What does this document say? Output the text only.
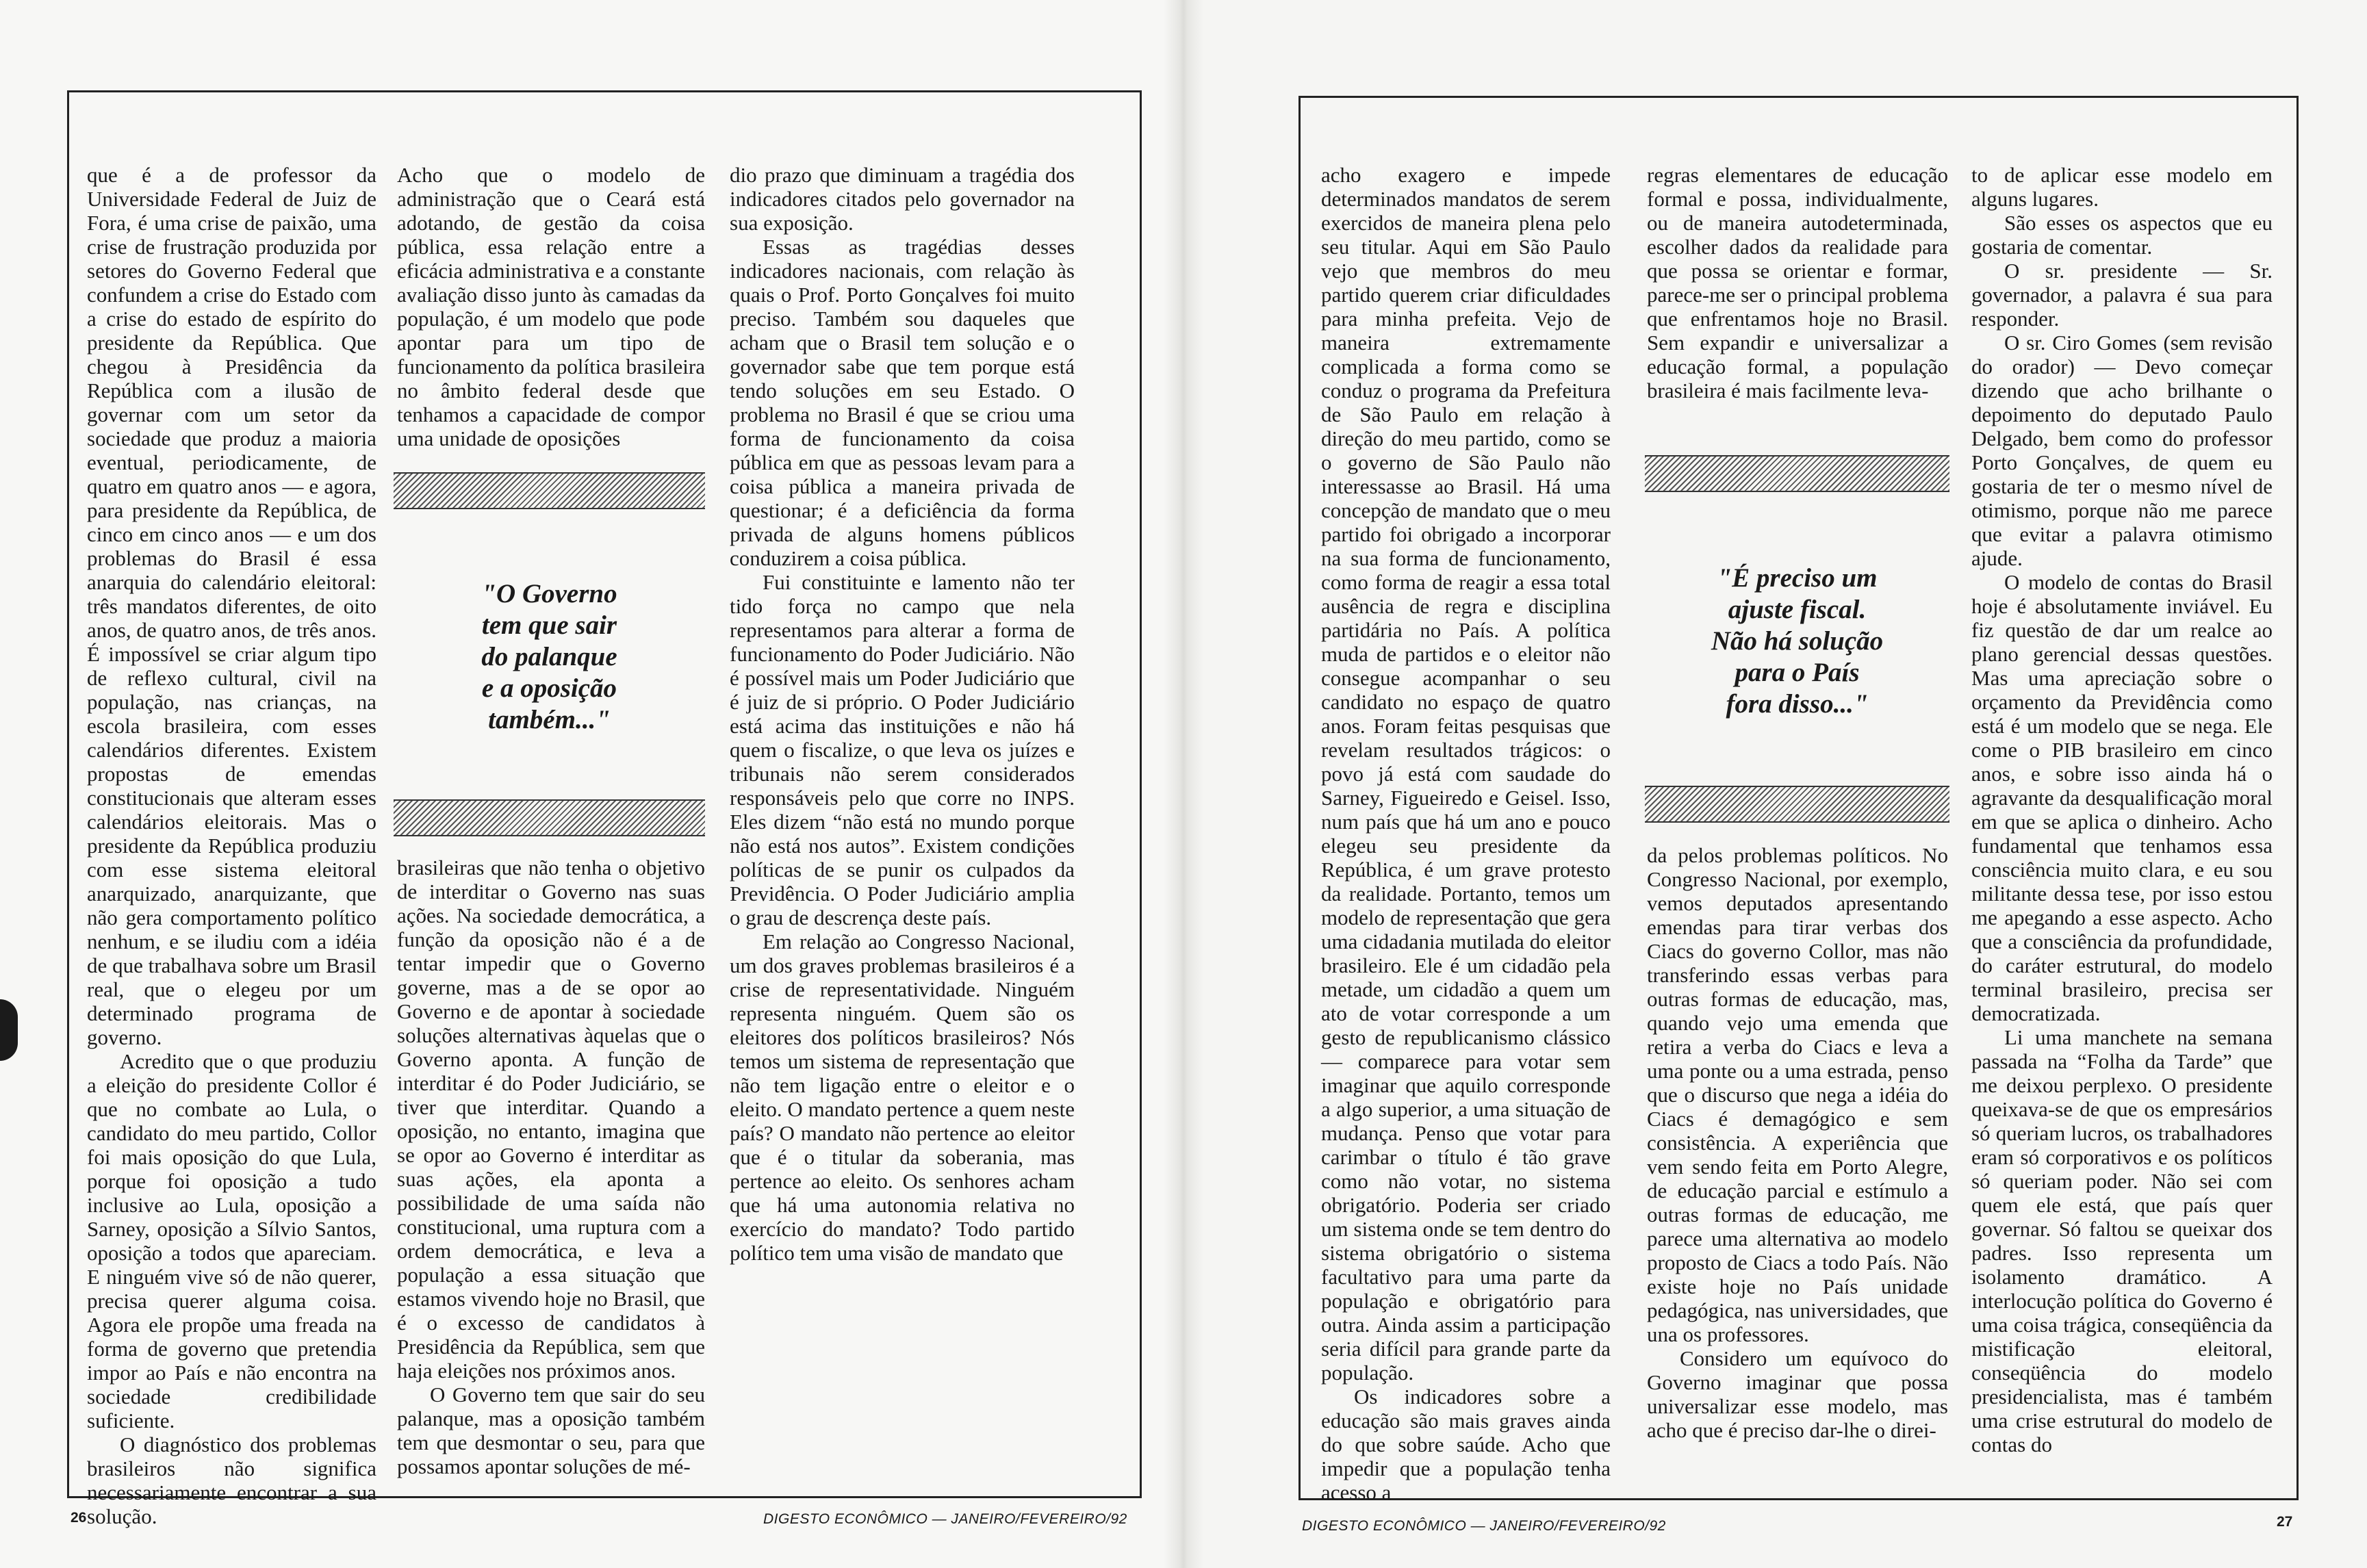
que é a de professor da Universidade Federal de Juiz de Fora, é uma crise de paixão, uma crise de frustração produzida por setores do Governo Federal que confundem a crise do Estado com a crise do estado de espírito do presidente da República. Que chegou à Presidência da República com a ilusão de governar com um setor da sociedade que produz a maioria eventual, periodicamente, de quatro em quatro anos — e agora, para presidente da República, de cinco em cinco anos — e um dos problemas do Brasil é essa anarquia do calendário eleitoral: três mandatos diferentes, de oito anos, de quatro anos, de três anos. É impossível se criar algum tipo de reflexo cultural, civil na população, nas crianças, na escola brasileira, com esses calendários diferentes. Existem propostas de emendas constitucionais que alteram esses calendários eleitorais. Mas o presidente da República produziu com esse sistema eleitoral anarquizado, anarquizante, que não gera comportamento político nenhum, e se iludiu com a idéia de que trabalhava sobre um Brasil real, que o elegeu por um determinado programa de governo.

Acredito que o que produziu a eleição do presidente Collor é que no combate ao Lula, o candidato do meu partido, Collor foi mais oposição do que Lula, porque foi oposição a tudo inclusive ao Lula, oposição a Sarney, oposição a Sílvio Santos, oposição a todos que apareciam. E ninguém vive só de não querer, precisa querer alguma coisa. Agora ele propõe uma freada na forma de governo que pretendia impor ao País e não encontra na sociedade credibilidade suficiente.

O diagnóstico dos problemas brasileiros não significa necessariamente encontrar a sua solução.

Acho que o modelo de administração que o Ceará está adotando, de gestão da coisa pública, essa relação entre a eficácia administrativa e a constante avaliação disso junto às camadas da população, é um modelo que pode apontar para um tipo de funcionamento da política brasileira no âmbito federal desde que tenhamos a capacidade de compor uma unidade de oposições

"O Governo
tem que sair
do palanque
e a oposição
também..."

brasileiras que não tenha o objetivo de interditar o Governo nas suas ações. Na sociedade democrática, a função da oposição não é a de tentar impedir que o Governo governe, mas a de se opor ao Governo e de apontar à sociedade soluções alternativas àquelas que o Governo aponta. A função de interditar é do Poder Judiciário, se tiver que interditar. Quando a oposição, no entanto, imagina que se opor ao Governo é interditar as suas ações, ela aponta a possibilidade de uma saída não constitucional, uma ruptura com a ordem democrática, e leva a população a essa situação que estamos vivendo hoje no Brasil, que é o excesso de candidatos à Presidência da República, sem que haja eleições nos próximos anos.

O Governo tem que sair do seu palanque, mas a oposição também tem que desmontar o seu, para que possamos apontar soluções de mé-

dio prazo que diminuam a tragédia dos indicadores citados pelo governador na sua exposição.

Essas as tragédias desses indicadores nacionais, com relação às quais o Prof. Porto Gonçalves foi muito preciso. Também sou daqueles que acham que o Brasil tem solução e o governador sabe que tem porque está tendo soluções em seu Estado. O problema no Brasil é que se criou uma forma de funcionamento da coisa pública em que as pessoas levam para a coisa pública a maneira privada de questionar; é a deficiência da forma privada de alguns homens públicos conduzirem a coisa pública.

Fui constituinte e lamento não ter tido força no campo que nela representamos para alterar a forma de funcionamento do Poder Judiciário. Não é possível mais um Poder Judiciário que é juiz de si próprio. O Poder Judiciário está acima das instituições e não há quem o fiscalize, o que leva os juízes e tribunais não serem considerados responsáveis pelo que corre no INPS. Eles dizem “não está no mundo porque não está nos autos”. Existem condições políticas de se punir os culpados da Previdência. O Poder Judiciário amplia o grau de descrença deste país.

Em relação ao Congresso Nacional, um dos graves problemas brasileiros é a crise de representatividade. Ninguém representa ninguém. Quem são os eleitores dos políticos brasileiros? Nós temos um sistema de representação que não tem ligação entre o eleitor e o eleito. O mandato pertence a quem neste país? O mandato não pertence ao eleitor que é o titular da soberania, mas pertence ao eleito. Os senhores acham que há uma autonomia relativa no exercício do mandato? Todo partido político tem uma visão de mandato que

26	DIGESTO ECONÔMICO — JANEIRO/FEVEREIRO/92

acho exagero e impede determinados mandatos de serem exercidos de maneira plena pelo seu titular. Aqui em São Paulo vejo que membros do meu partido querem criar dificuldades para minha prefeita. Vejo de maneira extremamente complicada a forma como se conduz o programa da Prefeitura de São Paulo em relação à direção do meu partido, como se o governo de São Paulo não interessasse ao Brasil. Há uma concepção de mandato que o meu partido foi obrigado a incorporar na sua forma de funcionamento, como forma de reagir a essa total ausência de regra e disciplina partidária no País. A política muda de partidos e o eleitor não consegue acompanhar o seu candidato no espaço de quatro anos. Foram feitas pesquisas que revelam resultados trágicos: o povo já está com saudade do Sarney, Figueiredo e Geisel. Isso, num país que há um ano e pouco elegeu seu presidente da República, é um grave protesto da realidade. Portanto, temos um modelo de representação que gera uma cidadania mutilada do eleitor brasileiro. Ele é um cidadão pela metade, um cidadão a quem um ato de votar corresponde a um gesto de republicanismo clássico — comparece para votar sem imaginar que aquilo corresponde a algo superior, a uma situação de mudança. Penso que votar para carimbar o título é tão grave como não votar, no sistema obrigatório. Poderia ser criado um sistema onde se tem dentro do sistema obrigatório o sistema facultativo para uma parte da população e obrigatório para outra. Ainda assim a participação seria difícil para grande parte da população.

Os indicadores sobre a educação são mais graves ainda do que sobre saúde. Acho que impedir que a população tenha acesso a

regras elementares de educação formal e possa, individualmente, ou de maneira autodeterminada, escolher dados da realidade para que possa se orientar e formar, parece-me ser o principal problema que enfrentamos hoje no Brasil. Sem expandir e universalizar a educação formal, a população brasileira é mais facilmente leva-

"É preciso um
ajuste fiscal.
Não há solução
para o País
fora disso..."

da pelos problemas políticos. No Congresso Nacional, por exemplo, vemos deputados apresentando emendas para tirar verbas dos Ciacs do governo Collor, mas não transferindo essas verbas para outras formas de educação, mas, quando vejo uma emenda que retira a verba do Ciacs e leva a uma ponte ou a uma estrada, penso que o discurso que nega a idéia do Ciacs é demagógico e sem consistência. A experiência que vem sendo feita em Porto Alegre, de educação parcial e estímulo a outras formas de educação, me parece uma alternativa ao modelo proposto de Ciacs a todo País. Não existe hoje no País unidade pedagógica, nas universidades, que una os professores.

Considero um equívoco do Governo imaginar que possa universalizar esse modelo, mas acho que é preciso dar-lhe o direi-

to de aplicar esse modelo em alguns lugares.

São esses os aspectos que eu gostaria de comentar.

O sr. presidente — Sr. governador, a palavra é sua para responder.

O sr. Ciro Gomes (sem revisão do orador) — Devo começar dizendo que acho brilhante o depoimento do deputado Paulo Delgado, bem como do professor Porto Gonçalves, de quem eu gostaria de ter o mesmo nível de otimismo, porque não me parece que evitar a palavra otimismo ajude.

O modelo de contas do Brasil hoje é absolutamente inviável. Eu fiz questão de dar um realce ao plano gerencial dessas questões. Mas uma apreciação sobre o orçamento da Previdência como está é um modelo que se nega. Ele come o PIB brasileiro em cinco anos, e sobre isso ainda há o agravante da desqualificação moral em que se aplica o dinheiro. Acho fundamental que tenhamos essa consciência muito clara, e eu sou militante dessa tese, por isso estou me apegando a esse aspecto. Acho que a consciência da profundidade, do caráter estrutural, do modelo terminal brasileiro, precisa ser democratizada.

Li uma manchete na semana passada na “Folha da Tarde” que me deixou perplexo. O presidente queixava-se de que os empresários só queriam lucros, os trabalhadores eram só corporativos e os políticos só queriam poder. Não sei com quem ele está, que país quer governar. Só faltou se queixar dos padres. Isso representa um isolamento dramático. A interlocução política do Governo é uma coisa trágica, conseqüência da mistificação eleitoral, conseqüência do modelo presidencialista, mas é também uma crise estrutural do modelo de contas do

DIGESTO ECONÔMICO — JANEIRO/FEVEREIRO/92	27
